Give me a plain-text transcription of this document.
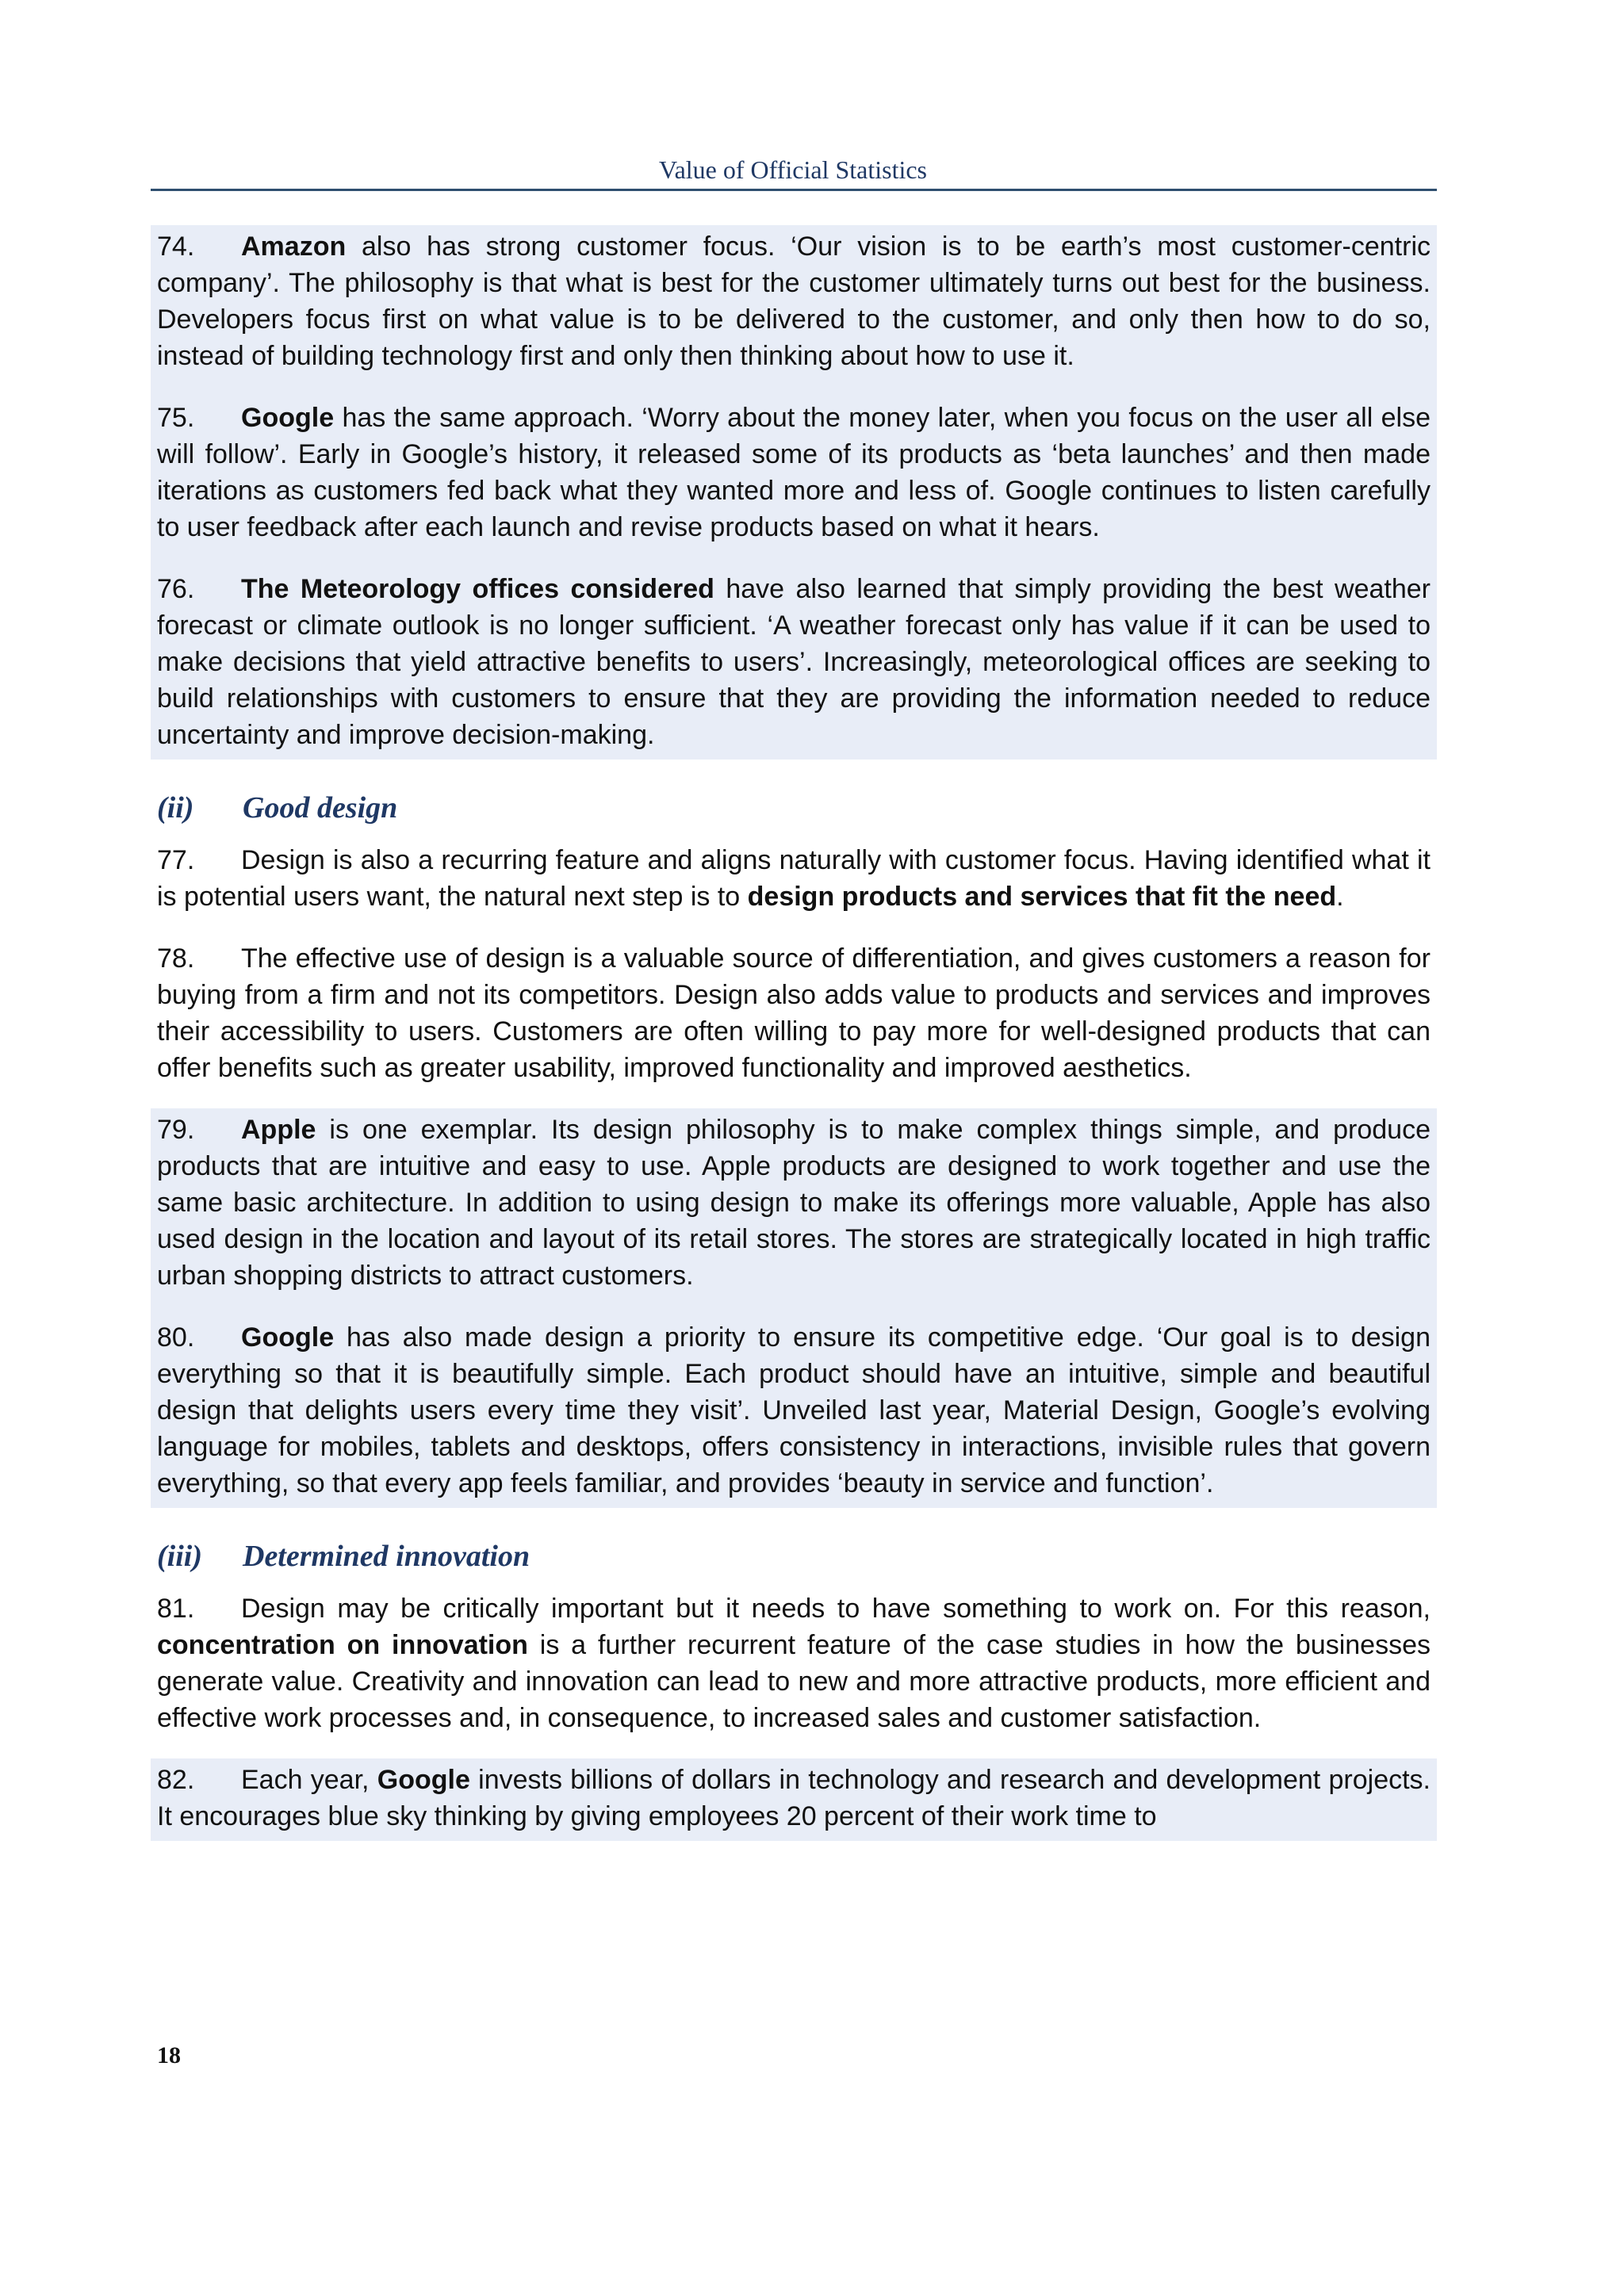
Value of Official Statistics

74. Amazon also has strong customer focus. ‘Our vision is to be earth’s most customer-centric company’. The philosophy is that what is best for the customer ultimately turns out best for the business. Developers focus first on what value is to be delivered to the customer, and only then how to do so, instead of building technology first and only then thinking about how to use it.

75. Google has the same approach. ‘Worry about the money later, when you focus on the user all else will follow’. Early in Google’s history, it released some of its products as ‘beta launches’ and then made iterations as customers fed back what they wanted more and less of. Google continues to listen carefully to user feedback after each launch and revise products based on what it hears.

76. The Meteorology offices considered have also learned that simply providing the best weather forecast or climate outlook is no longer sufficient. ‘A weather forecast only has value if it can be used to make decisions that yield attractive benefits to users’. Increasingly, meteorological offices are seeking to build relationships with customers to ensure that they are providing the information needed to reduce uncertainty and improve decision-making.

(ii) Good design

77. Design is also a recurring feature and aligns naturally with customer focus. Having identified what it is potential users want, the natural next step is to design products and services that fit the need.

78. The effective use of design is a valuable source of differentiation, and gives customers a reason for buying from a firm and not its competitors. Design also adds value to products and services and improves their accessibility to users. Customers are often willing to pay more for well-designed products that can offer benefits such as greater usability, improved functionality and improved aesthetics.

79. Apple is one exemplar. Its design philosophy is to make complex things simple, and produce products that are intuitive and easy to use. Apple products are designed to work together and use the same basic architecture. In addition to using design to make its offerings more valuable, Apple has also used design in the location and layout of its retail stores. The stores are strategically located in high traffic urban shopping districts to attract customers.

80. Google has also made design a priority to ensure its competitive edge. ‘Our goal is to design everything so that it is beautifully simple. Each product should have an intuitive, simple and beautiful design that delights users every time they visit’. Unveiled last year, Material Design, Google’s evolving language for mobiles, tablets and desktops, offers consistency in interactions, invisible rules that govern everything, so that every app feels familiar, and provides ‘beauty in service and function’.

(iii) Determined innovation

81. Design may be critically important but it needs to have something to work on. For this reason, concentration on innovation is a further recurrent feature of the case studies in how the businesses generate value. Creativity and innovation can lead to new and more attractive products, more efficient and effective work processes and, in consequence, to increased sales and customer satisfaction.

82. Each year, Google invests billions of dollars in technology and research and development projects. It encourages blue sky thinking by giving employees 20 percent of their work time to

18
